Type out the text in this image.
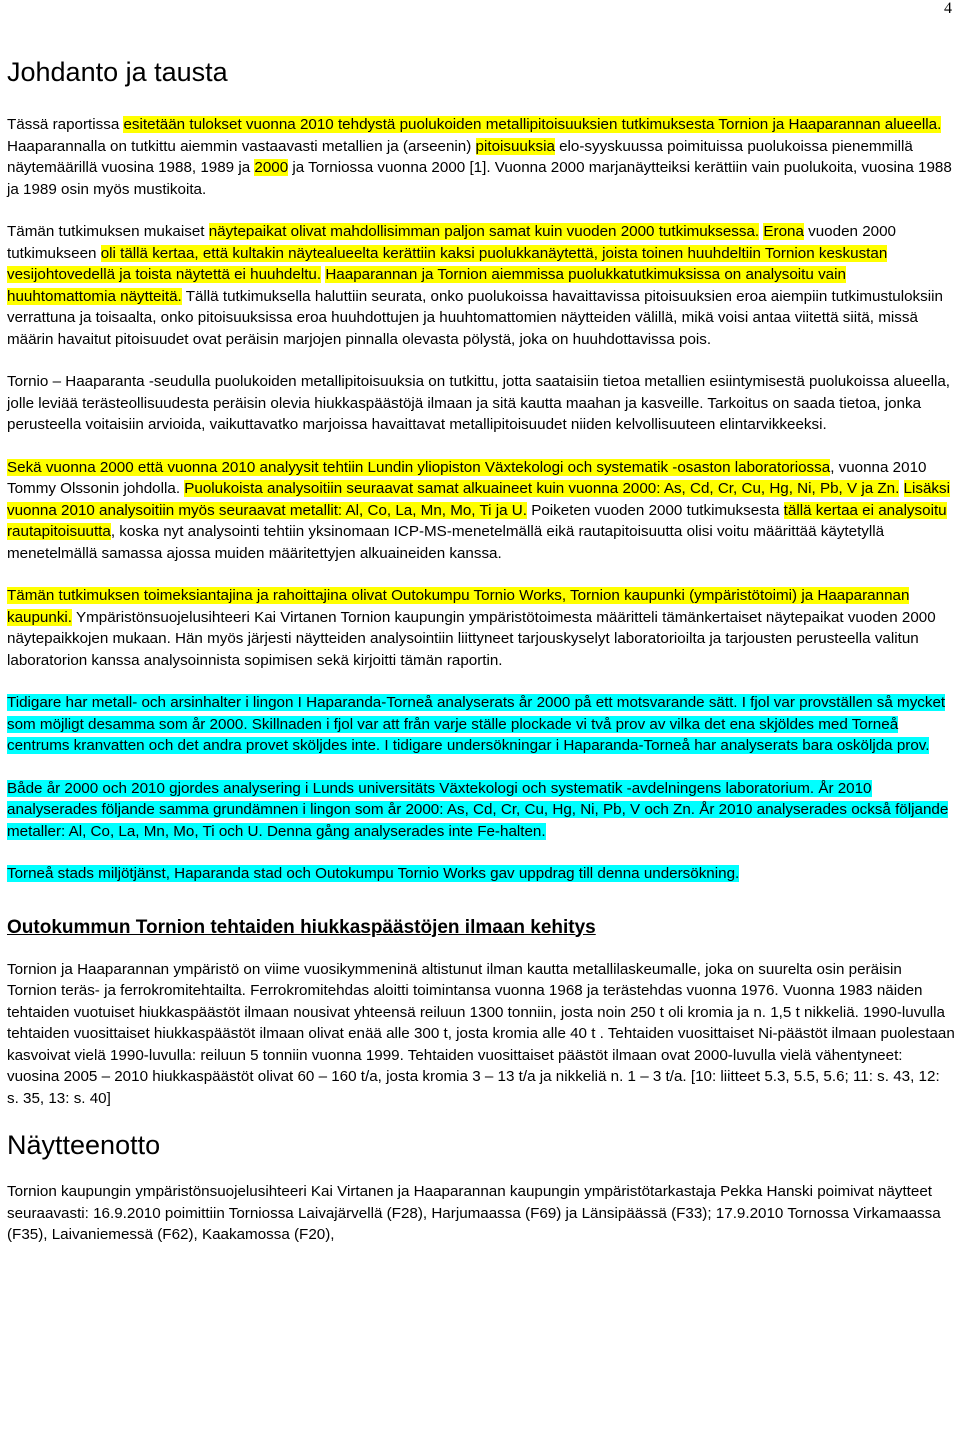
4
Johdanto ja tausta

Tässä raportissa esitetään tulokset vuonna 2010 tehdystä puolukoiden metallipitoisuuksien tutkimuksesta Tornion ja Haaparannan alueella. Haaparannalla on tutkittu aiemmin vastaavasti metallien ja (arseenin) pitoisuuksia elo-syyskuussa poimituissa puolukoissa pienemmillä näytemäärillä vuosina 1988, 1989 ja 2000 ja Torniossa vuonna 2000 [1]. Vuonna 2000 marjanäytteiksi kerättiin vain puolukoita, vuosina 1988 ja 1989 osin myös mustikoita.

Tämän tutkimuksen mukaiset näytepaikat olivat mahdollisimman paljon samat kuin vuoden 2000 tutkimuksessa. Erona vuoden 2000 tutkimukseen oli tällä kertaa, että kultakin näytealueelta kerättiin kaksi puolukkanäytettä, joista toinen huuhdeltiin Tornion keskustan vesijohtovedellä ja toista näytettä ei huuhdeltu. Haaparannan ja Tornion aiemmissa puolukkatutkimuksissa on analysoitu vain huuhtomattomia näytteitä. Tällä tutkimuksella haluttiin seurata, onko puolukoissa havaittavissa pitoisuuksien eroa aiempiin tutkimustuloksiin verrattuna ja toisaalta, onko pitoisuuksissa eroa huuhdottujen ja huuhtomattomien näytteiden välillä, mikä voisi antaa viitettä siitä, missä määrin havaitut pitoisuudet ovat peräisin marjojen pinnalla olevasta pölystä, joka on huuhdottavissa pois.

Tornio – Haaparanta -seudulla puolukoiden metallipitoisuuksia on tutkittu, jotta saataisiin tietoa metallien esiintymisestä puolukoissa alueella, jolle leviää terästeollisuudesta peräisin olevia hiukkaspäästöjä ilmaan ja sitä kautta maahan ja kasveille. Tarkoitus on saada tietoa, jonka perusteella voitaisiin arvioida, vaikuttavatko marjoissa havaittavat metallipitoisuudet niiden kelvollisuuteen elintarvikkeeksi.

Sekä vuonna 2000 että vuonna 2010 analyysit tehtiin Lundin yliopiston Växtekologi och systematik -osaston laboratoriossa, vuonna 2010 Tommy Olssonin johdolla. Puolukoista analysoitiin seuraavat samat alkuaineet kuin vuonna 2000: As, Cd, Cr, Cu, Hg, Ni, Pb, V ja Zn. Lisäksi vuonna 2010 analysoitiin myös seuraavat metallit: Al, Co, La, Mn, Mo, Ti ja U. Poiketen vuoden 2000 tutkimuksesta tällä kertaa ei analysoitu rautapitoisuutta, koska nyt analysointi tehtiin yksinomaan ICP-MS-menetelmällä eikä rautapitoisuutta olisi voitu määrittää käytetyllä menetelmällä samassa ajossa muiden määritettyjen alkuaineiden kanssa.

Tämän tutkimuksen toimeksiantajina ja rahoittajina olivat Outokumpu Tornio Works, Tornion kaupunki (ympäristötoimi) ja Haaparannan kaupunki. Ympäristönsuojelusihteeri Kai Virtanen Tornion kaupungin ympäristötoimesta määritteli tämänkertaiset näytepaikat vuoden 2000 näytepaikkojen mukaan. Hän myös järjesti näytteiden analysointiin liittyneet tarjouskyselyt laboratorioilta ja tarjousten perusteella valitun laboratorion kanssa analysoinnista sopimisen sekä kirjoitti tämän raportin.

Tidigare har metall- och arsinhalter i lingon I Haparanda-Torneå analyserats år 2000 på ett motsvarande sätt. I fjol var provställen så mycket som möjligt desamma som år 2000. Skillnaden i fjol var att från varje ställe plockade vi två prov av vilka det ena skjöldes med Torneå centrums kranvatten och det andra provet sköljdes inte. I tidigare undersökningar i Haparanda-Torneå har analyserats bara osköljda prov.

Både år 2000 och 2010 gjordes analysering i Lunds universitäts Växtekologi och systematik -avdelningens laboratorium. År 2010 analyserades följande samma grundämnen i lingon som år 2000: As, Cd, Cr, Cu, Hg, Ni, Pb, V och Zn. År 2010 analyserades också följande metaller: Al, Co, La, Mn, Mo, Ti och U. Denna gång analyserades inte Fe-halten.

Torneå stads miljötjänst, Haparanda stad och Outokumpu Tornio Works gav uppdrag till denna undersökning.

Outokummun Tornion tehtaiden hiukkaspäästöjen ilmaan kehitys

Tornion ja Haaparannan ympäristö on viime vuosikymmeninä altistunut ilman kautta metallilaskeumalle, joka on suurelta osin peräisin Tornion teräs- ja ferrokromitehtailta. Ferrokromitehdas aloitti toimintansa vuonna 1968 ja terästehdas vuonna 1976. Vuonna 1983 näiden tehtaiden vuotuiset hiukkaspäästöt ilmaan nousivat yhteensä reiluun 1300 tonniin, josta noin 250 t oli kromia ja n. 1,5 t nikkeliä. 1990-luvulla tehtaiden vuosittaiset hiukkaspäästöt ilmaan olivat enää alle 300 t, josta kromia alle 40 t . Tehtaiden vuosittaiset Ni-päästöt ilmaan puolestaan kasvoivat vielä 1990-luvulla: reiluun 5 tonniin vuonna 1999. Tehtaiden vuosittaiset päästöt ilmaan ovat 2000-luvulla vielä vähentyneet: vuosina 2005 – 2010 hiukkaspäästöt olivat 60 – 160 t/a, josta kromia 3 – 13 t/a ja nikkeliä n. 1 – 3 t/a. [10: liitteet 5.3, 5.5, 5.6; 11: s. 43, 12: s. 35, 13: s. 40]

Näytteenotto

Tornion kaupungin ympäristönsuojelusihteeri Kai Virtanen ja Haaparannan kaupungin ympäristötarkastaja Pekka Hanski poimivat näytteet seuraavasti: 16.9.2010 poimittiin Torniossa Laivajärvellä (F28), Harjumaassa (F69) ja Länsipäässä (F33); 17.9.2010 Tornossa Virkamaassa (F35), Laivaniemessä (F62), Kaakamossa (F20),
